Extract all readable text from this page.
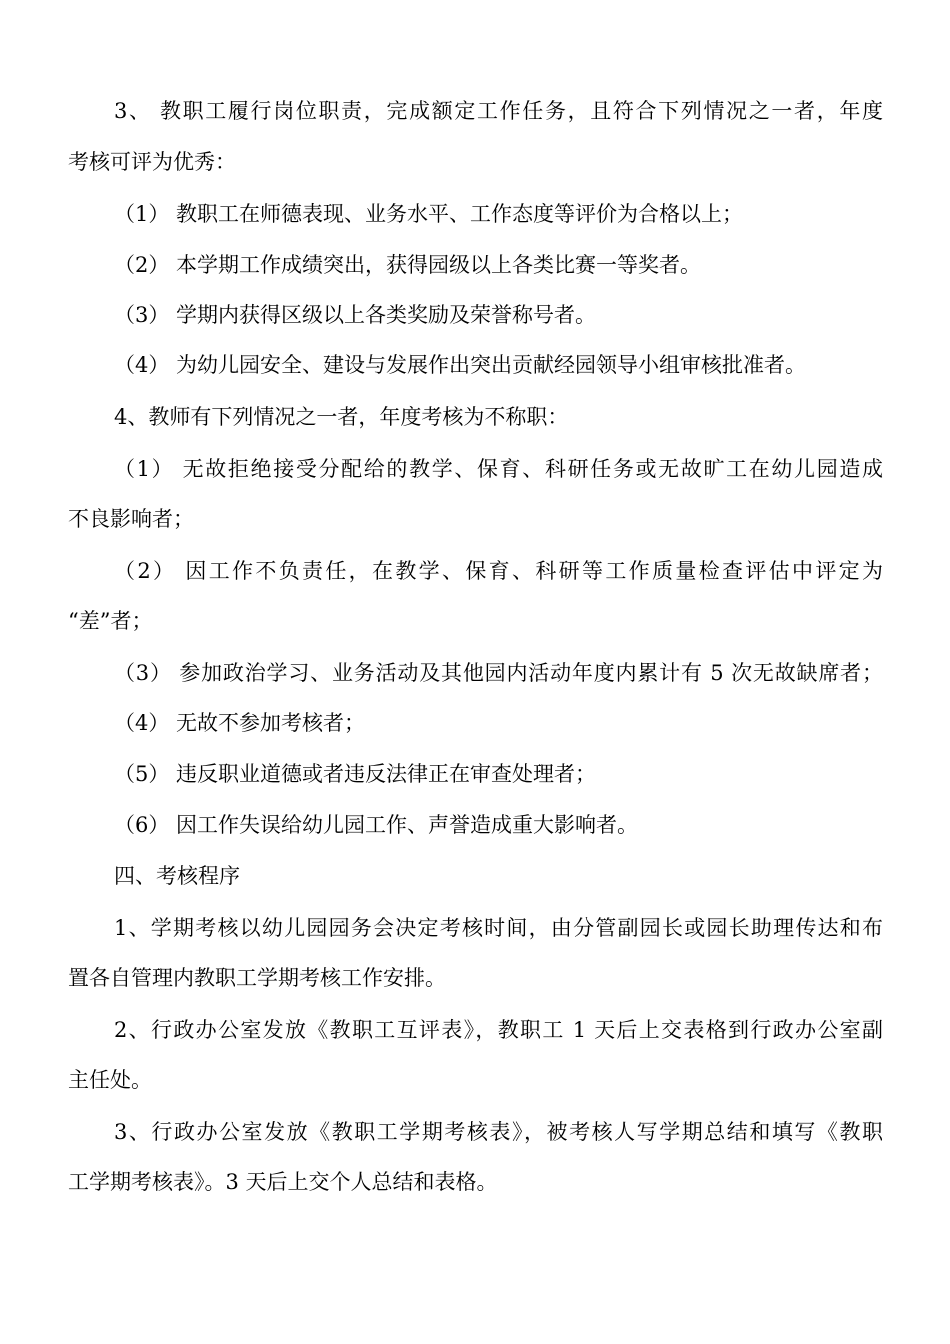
3、 教职工履行岗位职责，完成额定工作任务，且符合下列情况之一者，年度
考核可评为优秀：
（1） 教职工在师德表现、业务水平、工作态度等评价为合格以上；
（2） 本学期工作成绩突出，获得园级以上各类比赛一等奖者。
（3） 学期内获得区级以上各类奖励及荣誉称号者。
（4） 为幼儿园安全、建设与发展作出突出贡献经园领导小组审核批准者。
4、教师有下列情况之一者，年度考核为不称职：
（1） 无故拒绝接受分配给的教学、保育、科研任务或无故旷工在幼儿园造成
不良影响者；
（2） 因工作不负责任，在教学、保育、科研等工作质量检查评估中评定为
“差”者；
（3） 参加政治学习、业务活动及其他园内活动年度内累计有 5 次无故缺席者；
（4） 无故不参加考核者；
（5） 违反职业道德或者违反法律正在审查处理者；
（6） 因工作失误给幼儿园工作、声誉造成重大影响者。
四、考核程序
1、学期考核以幼儿园园务会决定考核时间，由分管副园长或园长助理传达和布
置各自管理内教职工学期考核工作安排。
2、行政办公室发放《教职工互评表》，教职工 1 天后上交表格到行政办公室副
主任处。
3、行政办公室发放《教职工学期考核表》，被考核人写学期总结和填写《教职
工学期考核表》。3 天后上交个人总结和表格。
